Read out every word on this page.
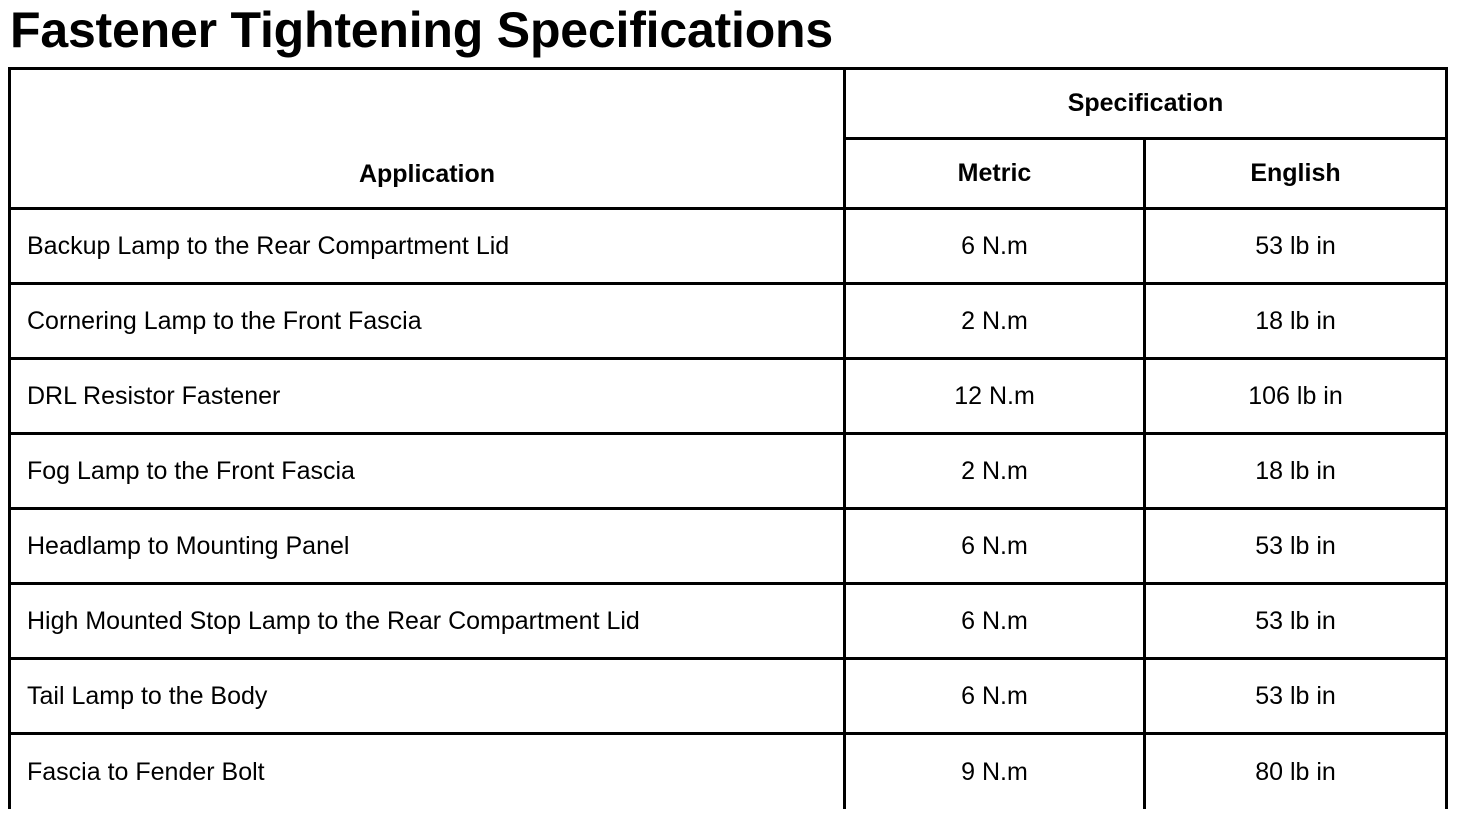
Fastener Tightening Specifications
Application	Specification	
	Metric	English
Backup Lamp to the Rear Compartment Lid	6 N.m	53 lb in
Cornering Lamp to the Front Fascia	2 N.m	18 lb in
DRL Resistor Fastener	12 N.m	106 lb in
Fog Lamp to the Front Fascia	2 N.m	18 lb in
Headlamp to Mounting Panel	6 N.m	53 lb in
High Mounted Stop Lamp to the Rear Compartment Lid	6 N.m	53 lb in
Tail Lamp to the Body	6 N.m	53 lb in
Fascia to Fender Bolt	9 N.m	80 lb in
